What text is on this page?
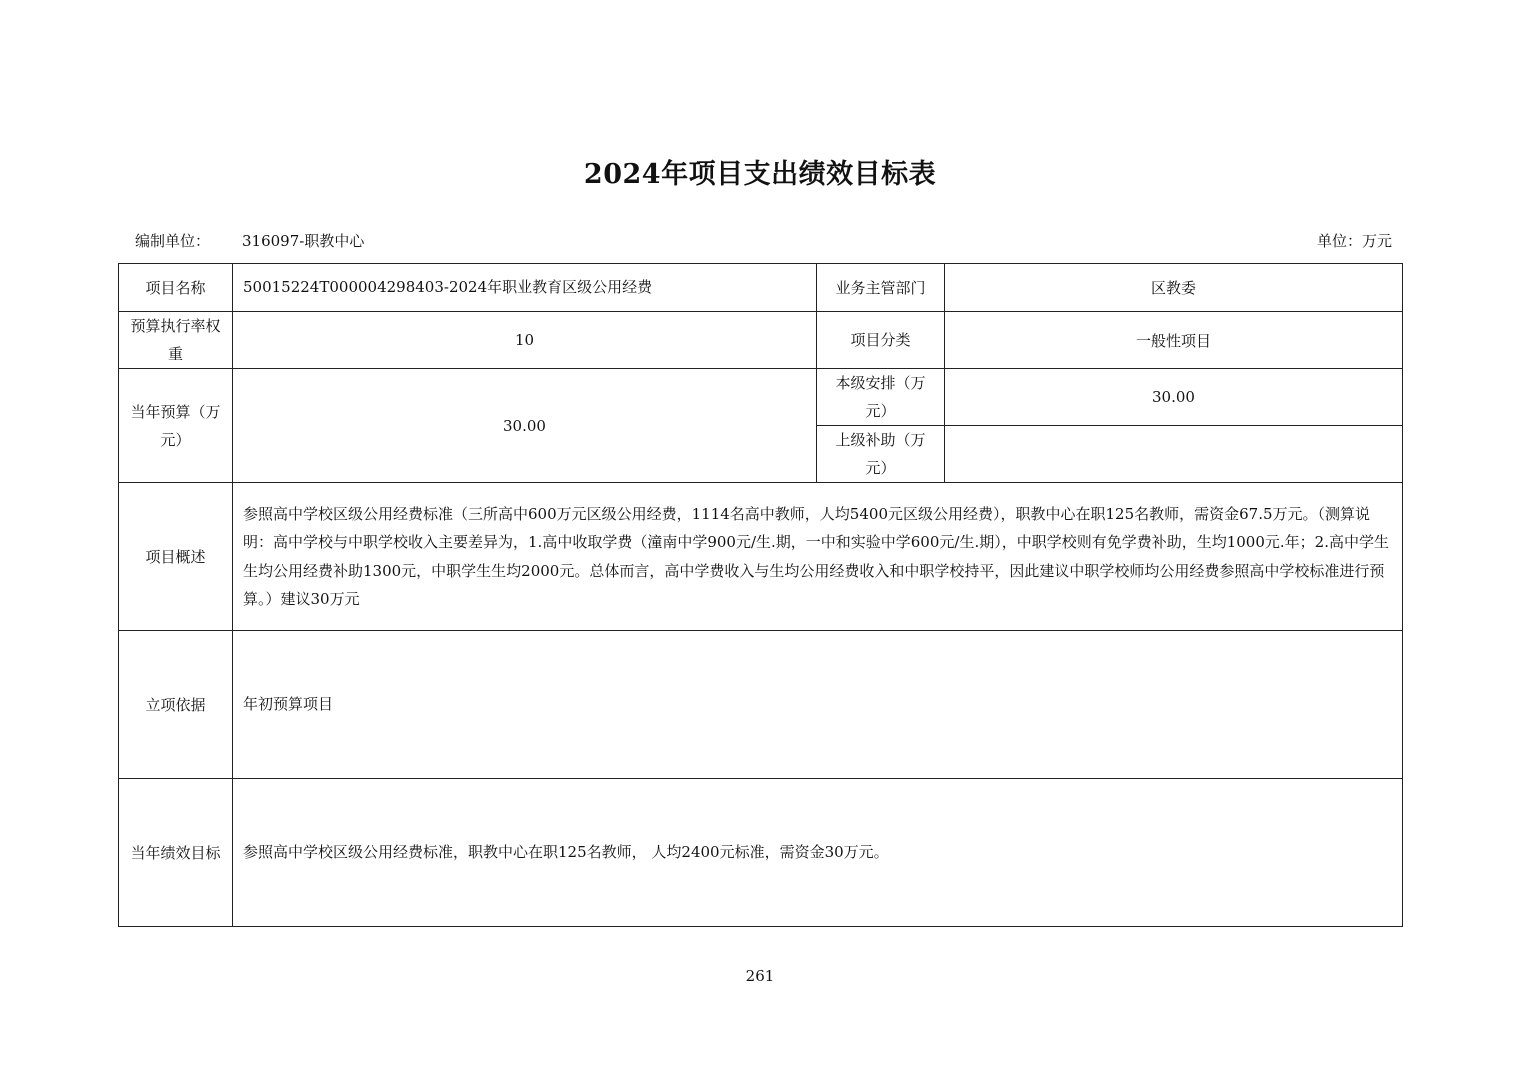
2024年项目支出绩效目标表
编制单位： 316097-职教中心	单位：万元
项目名称	50015224T000004298403-2024年职业教育区级公用经费	业务主管部门	区教委
预算执行率权重	10	项目分类	一般性项目
当年预算（万元）	30.00	本级安排（万元）	30.00
		上级补助（万元）	
项目概述	参照高中学校区级公用经费标准（三所高中600万元区级公用经费，1114名高中教师，人均5400元区级公用经费），职教中心在职125名教师，需资金67.5万元。（测算说明：高中学校与中职学校收入主要差异为，1.高中收取学费（潼南中学900元/生.期，一中和实验中学600元/生.期），中职学校则有免学费补助，生均1000元.年；2.高中学生生均公用经费补助1300元，中职学生生均2000元。总体而言，高中学费收入与生均公用经费收入和中职学校持平，因此建议中职学校师均公用经费参照高中学校标准进行预算。）建议30万元		
立项依据	年初预算项目		
当年绩效目标	参照高中学校区级公用经费标准，职教中心在职125名教师， 人均2400元标准，需资金30万元。		
261
